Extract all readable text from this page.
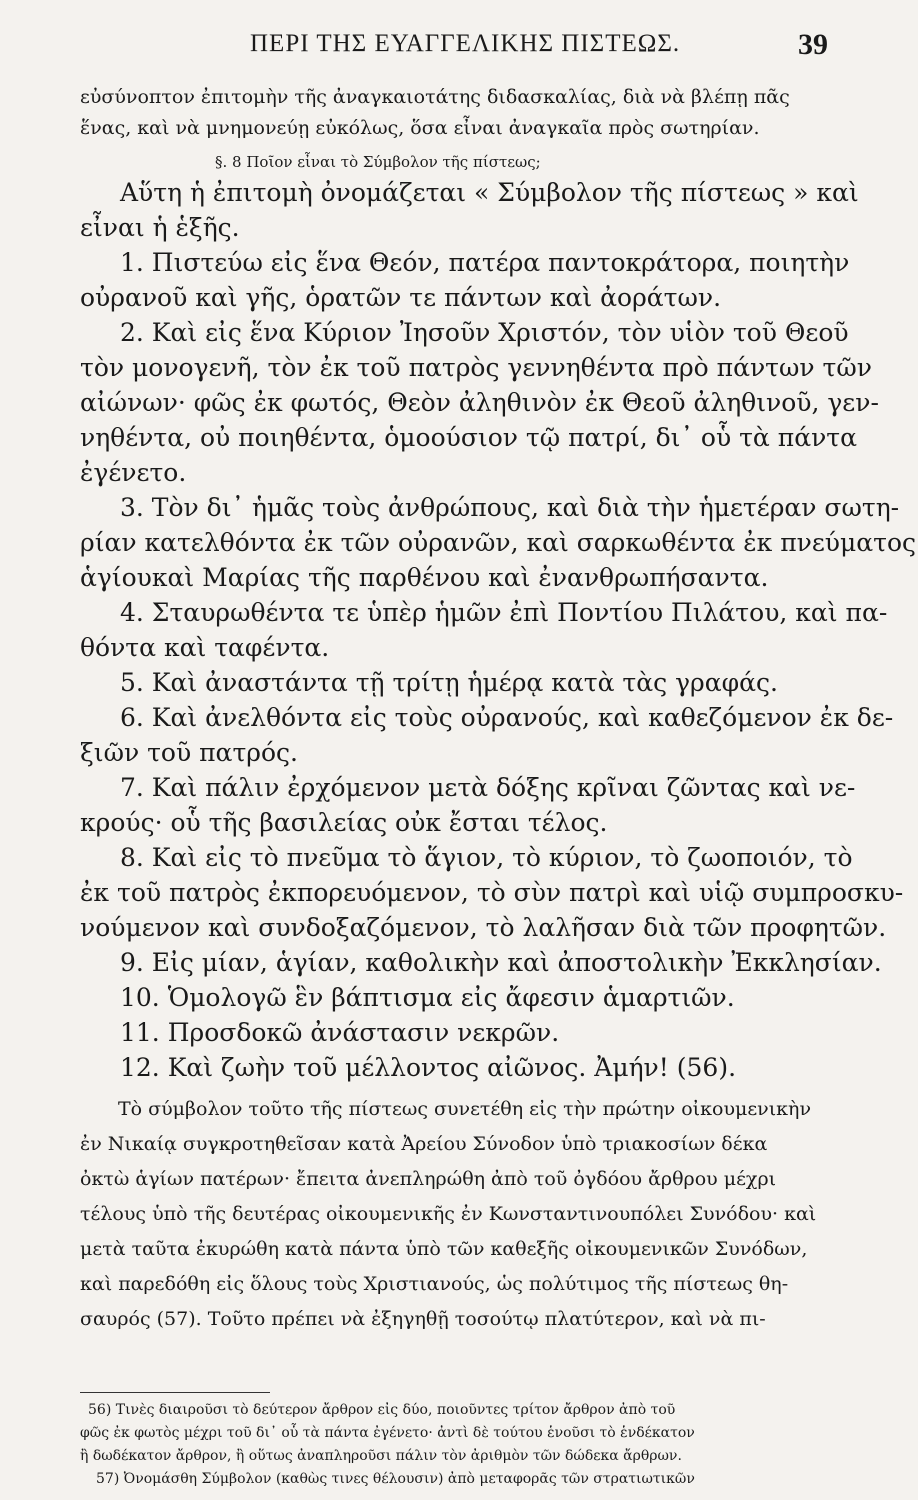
ΠΕΡΙ ΤΗΣ ΕΥΑΓΓΕΛΙΚΗΣ ΠΙΣΤΕΩΣ.	39
εὐσύνοπτον ἐπιτομὴν τῆς ἀναγκαιοτάτης διδασκαλίας, διὰ νὰ βλέπῃ πᾶς
ἕνας, καὶ νὰ μνημονεύῃ εὐκόλως, ὅσα εἶναι ἀναγκαῖα πρὸς σωτηρίαν.
§. 8 Ποῖον εἶναι τὸ Σύμβολον τῆς πίστεως;
Αὕτη ἡ ἐπιτομὴ ὀνομάζεται « Σύμβολον τῆς πίστεως » καὶ
εἶναι ἡ ἑξῆς.
1. Πιστεύω εἰς ἕνα Θεόν, πατέρα παντοκράτορα, ποιητὴν
οὐρανοῦ καὶ γῆς, ὁρατῶν τε πάντων καὶ ἀοράτων.
2. Καὶ εἰς ἕνα Κύριον Ἰησοῦν Χριστόν, τὸν υἱὸν τοῦ Θεοῦ
τὸν μονογενῆ, τὸν ἐκ τοῦ πατρὸς γεννηθέντα πρὸ πάντων τῶν
αἰώνων· φῶς ἐκ φωτός, Θεὸν ἀληθινὸν ἐκ Θεοῦ ἀληθινοῦ, γεν-
νηθέντα, οὐ ποιηθέντα, ὁμοούσιον τῷ πατρί, δι᾽ οὗ τὰ πάντα
ἐγένετο.
3. Τὸν δι᾽ ἡμᾶς τοὺς ἀνθρώπους, καὶ διὰ τὴν ἡμετέραν σωτη-
ρίαν κατελθόντα ἐκ τῶν οὐρανῶν, καὶ σαρκωθέντα ἐκ πνεύματος
ἁγίουκαὶ Μαρίας τῆς παρθένου καὶ ἐνανθρωπήσαντα.
4. Σταυρωθέντα τε ὑπὲρ ἡμῶν ἐπὶ Ποντίου Πιλάτου, καὶ πα-
θόντα καὶ ταφέντα.
5. Καὶ ἀναστάντα τῇ τρίτῃ ἡμέρᾳ κατὰ τὰς γραφάς.
6. Καὶ ἀνελθόντα εἰς τοὺς οὐρανούς, καὶ καθεζόμενον ἐκ δε-
ξιῶν τοῦ πατρός.
7. Καὶ πάλιν ἐρχόμενον μετὰ δόξης κρῖναι ζῶντας καὶ νε-
κρούς· οὗ τῆς βασιλείας οὐκ ἔσται τέλος.
8. Καὶ εἰς τὸ πνεῦμα τὸ ἅγιον, τὸ κύριον, τὸ ζωοποιόν, τὸ
ἐκ τοῦ πατρὸς ἐκπορευόμενον, τὸ σὺν πατρὶ καὶ υἱῷ συμπροσκυ-
νούμενον καὶ συνδοξαζόμενον, τὸ λαλῆσαν διὰ τῶν προφητῶν.
9. Εἰς μίαν, ἁγίαν, καθολικὴν καὶ ἀποστολικὴν Ἐκκλησίαν.
10. Ὁμολογῶ ἓν βάπτισμα εἰς ἄφεσιν ἁμαρτιῶν.
11. Προσδοκῶ ἀνάστασιν νεκρῶν.
12. Καὶ ζωὴν τοῦ μέλλοντος αἰῶνος. Ἀμήν! (56).
Τὸ σύμβολον τοῦτο τῆς πίστεως συνετέθη εἰς τὴν πρώτην οἰκουμενικὴν
ἐν Νικαίᾳ συγκροτηθεῖσαν κατὰ Ἀρείου Σύνοδον ὑπὸ τριακοσίων δέκα
ὀκτὼ ἁγίων πατέρων· ἔπειτα ἀνεπληρώθη ἀπὸ τοῦ ὀγδόου ἄρθρου μέχρι
τέλους ὑπὸ τῆς δευτέρας οἰκουμενικῆς ἐν Κωνσταντινουπόλει Συνόδου· καὶ
μετὰ ταῦτα ἐκυρώθη κατὰ πάντα ὑπὸ τῶν καθεξῆς οἰκουμενικῶν Συνόδων,
καὶ παρεδόθη εἰς ὅλους τοὺς Χριστιανούς, ὡς πολύτιμος τῆς πίστεως θη-
σαυρός (57). Τοῦτο πρέπει νὰ ἐξηγηθῇ τοσούτῳ πλατύτερον, καὶ νὰ πι-
56) Τινὲς διαιροῦσι τὸ δεύτερον ἄρθρον εἰς δύο, ποιοῦντες τρίτον ἄρθρον ἀπὸ τοῦ
φῶς ἐκ φωτὸς μέχρι τοῦ δι᾽ οὗ τὰ πάντα ἐγένετο· ἀντὶ δὲ τούτου ἑνοῦσι τὸ ἑνδέκατον
ἢ δωδέκατον ἄρθρον, ἢ οὕτως ἀναπληροῦσι πάλιν τὸν ἀριθμὸν τῶν δώδεκα ἄρθρων.
57) Ὀνομάσθη Σύμβολον (καθὼς τινες θέλουσιν) ἀπὸ μεταφορᾶς τῶν στρατιωτικῶν
